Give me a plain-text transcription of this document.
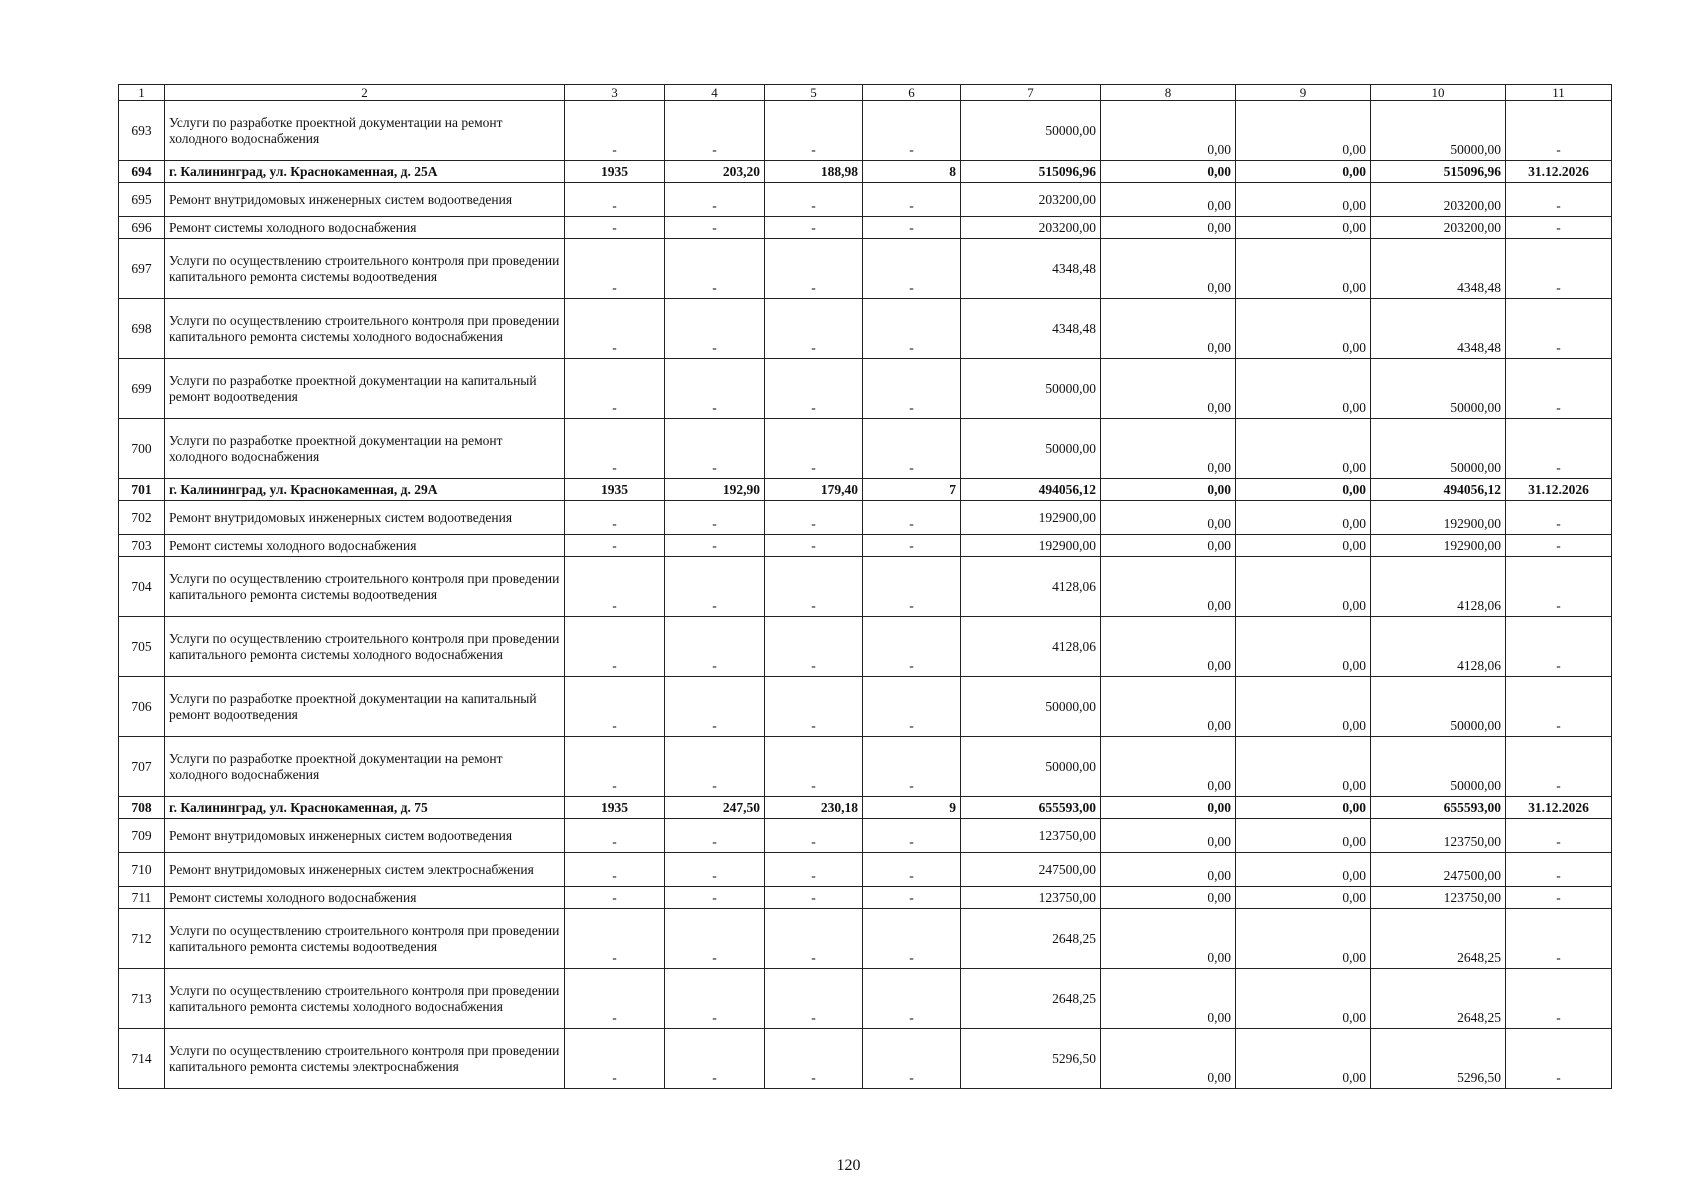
1	2	3	4	5	6	7	8	9	10	11
693	Услуги по разработке проектной документации на ремонт холодного водоснабжения	-	-	-	-	50000,00	0,00	0,00	50000,00	-
694	г. Калининград, ул. Краснокаменная, д. 25А	1935	203,20	188,98	8	515096,96	0,00	0,00	515096,96	31.12.2026
695	Ремонт внутридомовых инженерных систем водоотведения	-	-	-	-	203200,00	0,00	0,00	203200,00	-
696	Ремонт системы холодного водоснабжения	-	-	-	-	203200,00	0,00	0,00	203200,00	-
697	Услуги по осуществлению строительного контроля при проведении капитального ремонта системы водоотведения	-	-	-	-	4348,48	0,00	0,00	4348,48	-
698	Услуги по осуществлению строительного контроля при проведении капитального ремонта системы холодного водоснабжения	-	-	-	-	4348,48	0,00	0,00	4348,48	-
699	Услуги по разработке проектной документации на капитальный ремонт водоотведения	-	-	-	-	50000,00	0,00	0,00	50000,00	-
700	Услуги по разработке проектной документации на ремонт холодного водоснабжения	-	-	-	-	50000,00	0,00	0,00	50000,00	-
701	г. Калининград, ул. Краснокаменная, д. 29А	1935	192,90	179,40	7	494056,12	0,00	0,00	494056,12	31.12.2026
702	Ремонт внутридомовых инженерных систем водоотведения	-	-	-	-	192900,00	0,00	0,00	192900,00	-
703	Ремонт системы холодного водоснабжения	-	-	-	-	192900,00	0,00	0,00	192900,00	-
704	Услуги по осуществлению строительного контроля при проведении капитального ремонта системы водоотведения	-	-	-	-	4128,06	0,00	0,00	4128,06	-
705	Услуги по осуществлению строительного контроля при проведении капитального ремонта системы холодного водоснабжения	-	-	-	-	4128,06	0,00	0,00	4128,06	-
706	Услуги по разработке проектной документации на капитальный ремонт водоотведения	-	-	-	-	50000,00	0,00	0,00	50000,00	-
707	Услуги по разработке проектной документации на ремонт холодного водоснабжения	-	-	-	-	50000,00	0,00	0,00	50000,00	-
708	г. Калининград, ул. Краснокаменная, д. 75	1935	247,50	230,18	9	655593,00	0,00	0,00	655593,00	31.12.2026
709	Ремонт внутридомовых инженерных систем водоотведения	-	-	-	-	123750,00	0,00	0,00	123750,00	-
710	Ремонт внутридомовых инженерных систем электроснабжения	-	-	-	-	247500,00	0,00	0,00	247500,00	-
711	Ремонт системы холодного водоснабжения	-	-	-	-	123750,00	0,00	0,00	123750,00	-
712	Услуги по осуществлению строительного контроля при проведении капитального ремонта системы водоотведения	-	-	-	-	2648,25	0,00	0,00	2648,25	-
713	Услуги по осуществлению строительного контроля при проведении капитального ремонта системы холодного водоснабжения	-	-	-	-	2648,25	0,00	0,00	2648,25	-
714	Услуги по осуществлению строительного контроля при проведении капитального ремонта системы электроснабжения	-	-	-	-	5296,50	0,00	0,00	5296,50	-
120
